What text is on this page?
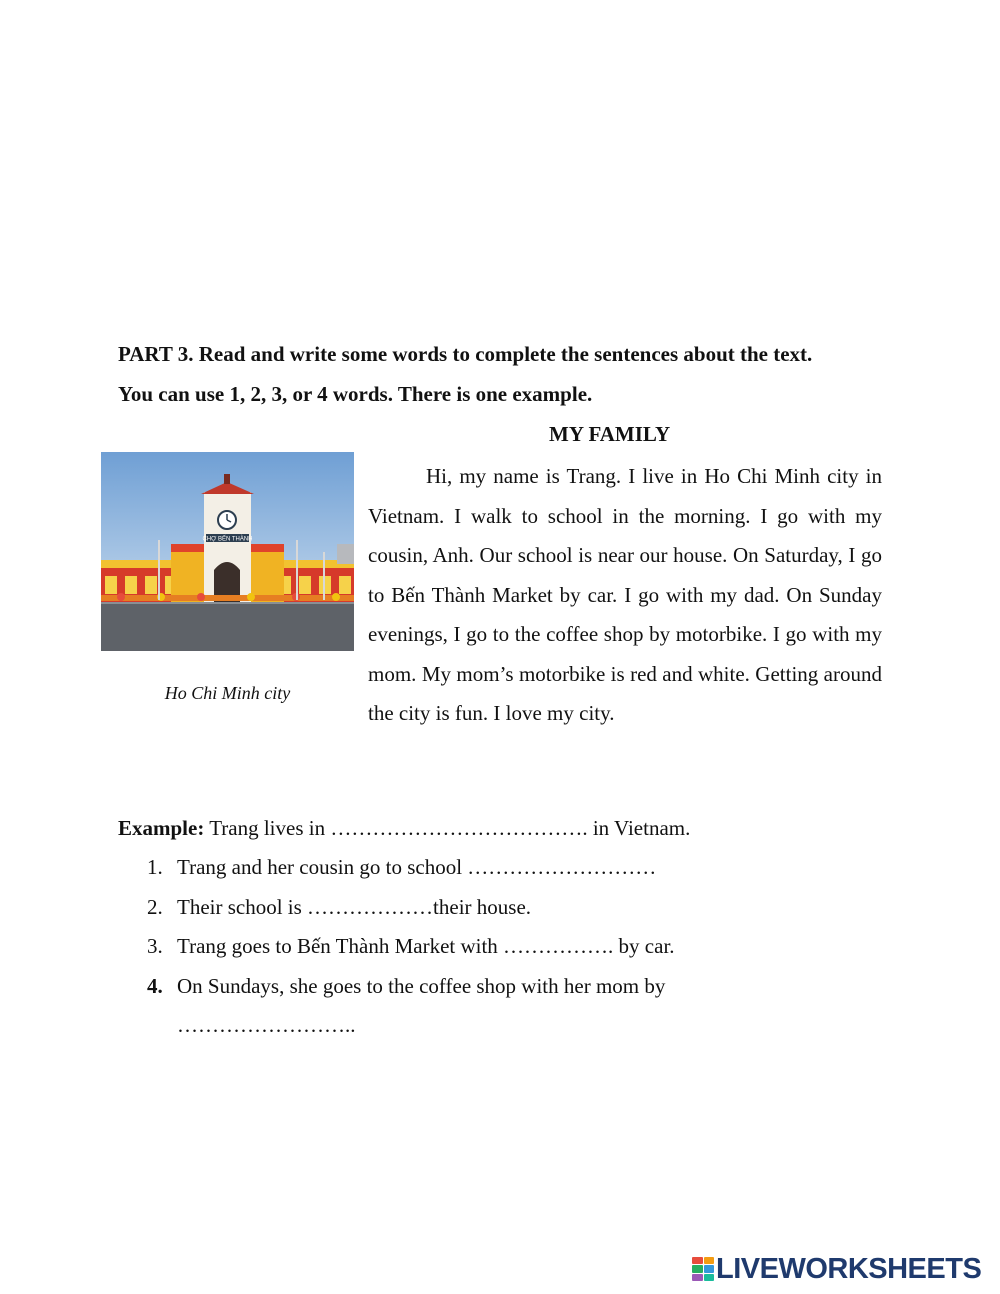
PART 3. Read and write some words to complete the sentences about the text.
You can use 1, 2, 3, or 4 words. There is one example.
MY FAMILY
CHỢ BẾN THÀNH
Ho Chi Minh city

Hi, my name is Trang. I live in Ho Chi Minh city in Vietnam. I walk to school in the morning. I go with my cousin, Anh. Our school is near our house. On Saturday, I go to Bến Thành Market by car. I go with my dad. On Sunday evenings, I go to the coffee shop by motorbike. I go with my mom. My mom’s motorbike is red and white. Getting around the city is fun. I love my city.

Example: Trang lives in ………………………………. in Vietnam.
1. Trang and her cousin go to school ………………………
2. Their school is ………………their house.
3. Trang goes to Bến Thành Market with ……………. by car.
4. On Sundays, she goes to the coffee shop with her mom by
……………………..
LIVEWORKSHEETS
